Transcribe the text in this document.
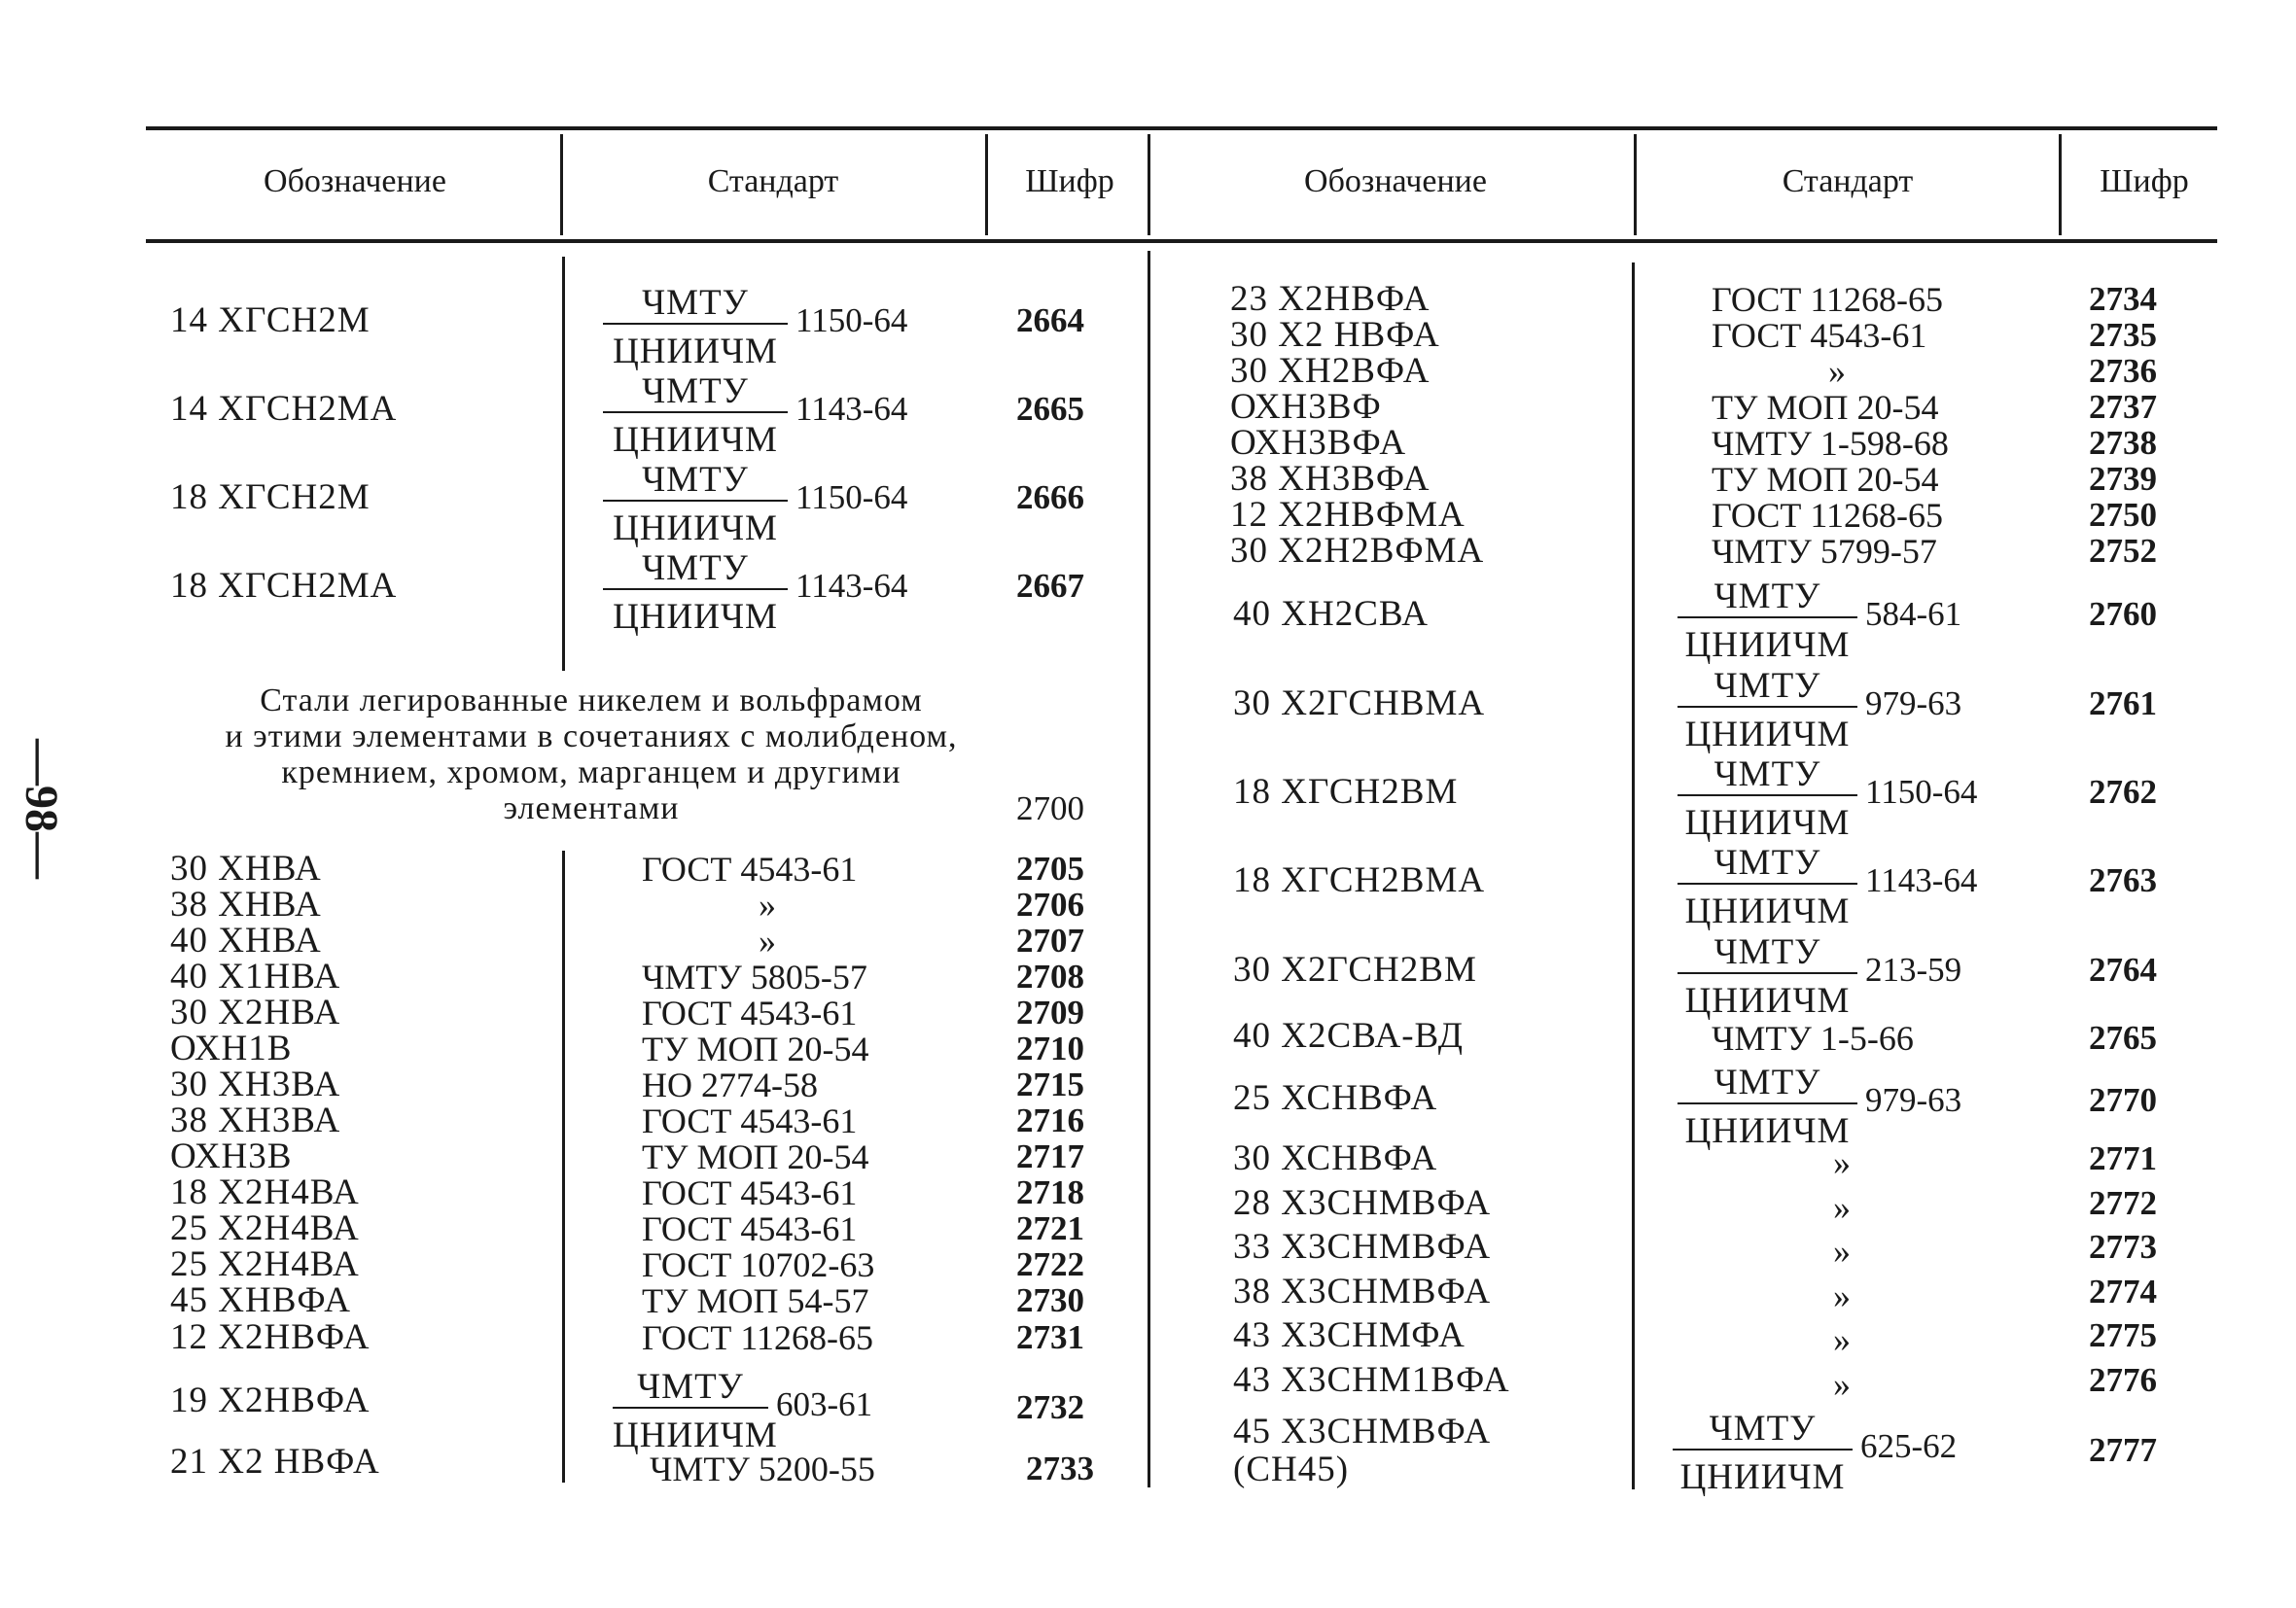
Обозначение	Стандарт	Шифр	Обозначение	Стандарт	Шифр
—98—
Стали легированные никелем и вольфрамом
и этими элементами в сочетаниях с молибденом,
кремнием, хромом, марганцем и другими
элементами	2700
14 ХГСН2М	ЧМТУ
ЦНИИЧМ
1150-64	2664
14 ХГСН2МА	ЧМТУ
ЦНИИЧМ
1143-64	2665
18 ХГСН2М	ЧМТУ
ЦНИИЧМ
1150-64	2666
18 ХГСН2МА	ЧМТУ
ЦНИИЧМ
1143-64	2667
30 ХНВА	ГОСТ 4543-61	2705
38 ХНВА	»	2706
40 ХНВА	»	2707
40 Х1НВА	ЧМТУ 5805-57	2708
30 Х2НВА	ГОСТ 4543-61	2709
ОХН1В	ТУ МОП 20-54	2710
30 ХН3ВА	НО 2774-58	2715
38 ХН3ВА	ГОСТ 4543-61	2716
ОХН3В	ТУ МОП 20-54	2717
18 Х2Н4ВА	ГОСТ 4543-61	2718
25 Х2Н4ВА	ГОСТ 4543-61	2721
25 Х2Н4ВА	ГОСТ 10702-63	2722
45 ХНВФА	ТУ МОП 54-57	2730
12 Х2НВФА	ГОСТ 11268-65	2731
19 Х2НВФА	ЧМТУ
ЦНИИЧМ
603-61	2732
21 Х2 НВФА	ЧМТУ 5200-55	2733
23 Х2НВФА	ГОСТ 11268-65	2734
30 Х2 НВФА	ГОСТ 4543-61	2735
30 ХН2ВФА	»	2736
ОХН3ВФ	ТУ МОП 20-54	2737
ОХН3ВФА	ЧМТУ 1-598-68	2738
38 ХН3ВФА	ТУ МОП 20-54	2739
12 Х2НВФМА	ГОСТ 11268-65	2750
30 Х2Н2ВФМА	ЧМТУ 5799-57	2752
40 ХН2СВА	ЧМТУ
ЦНИИЧМ
584-61	2760
30 Х2ГСНВМА	ЧМТУ
ЦНИИЧМ
979-63	2761
18 ХГСН2ВМ	ЧМТУ
ЦНИИЧМ
1150-64	2762
18 ХГСН2ВМА	ЧМТУ
ЦНИИЧМ
1143-64	2763
30 Х2ГСН2ВМ	ЧМТУ
ЦНИИЧМ
213-59	2764
40 Х2СВА-ВД	ЧМТУ 1-5-66	2765
25 ХСНВФА	ЧМТУ
ЦНИИЧМ
979-63	2770
30 ХСНВФА	»	2771
28 Х3СНМВФА	»	2772
33 Х3СНМВФА	»	2773
38 Х3СНМВФА	»	2774
43 Х3СНМФА	»	2775
43 Х3СНМ1ВФА	»	2776
45 Х3СНМВФА
(СН45)
ЧМТУ
ЦНИИЧМ
625-62	2777
